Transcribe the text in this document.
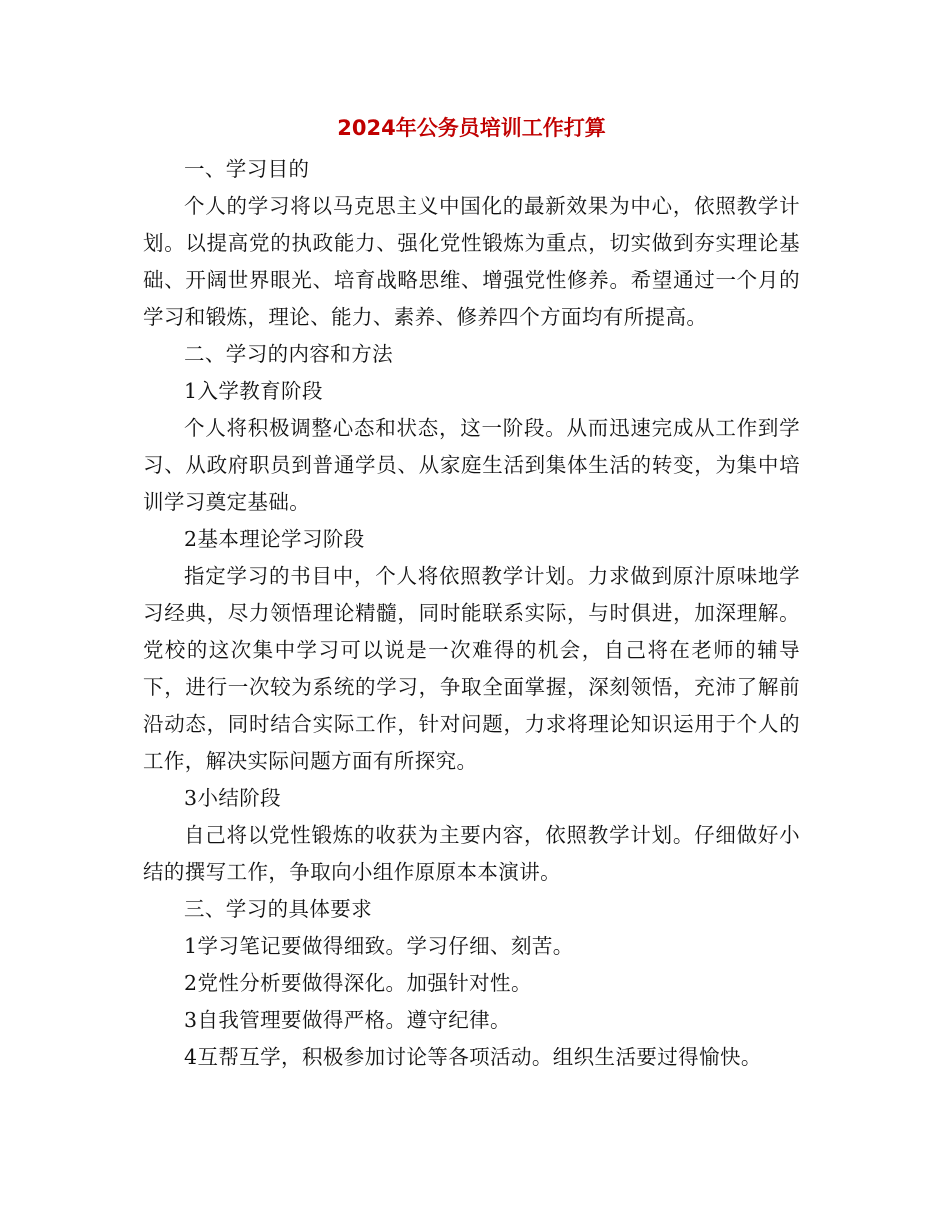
2024年公务员培训工作打算

一、学习目的

个人的学习将以马克思主义中国化的最新效果为中心，依照教学计划。以提高党的执政能力、强化党性锻炼为重点，切实做到夯实理论基础、开阔世界眼光、培育战略思维、增强党性修养。希望通过一个月的学习和锻炼，理论、能力、素养、修养四个方面均有所提高。

二、学习的内容和方法

1入学教育阶段

个人将积极调整心态和状态，这一阶段。从而迅速完成从工作到学习、从政府职员到普通学员、从家庭生活到集体生活的转变，为集中培训学习奠定基础。

2基本理论学习阶段

指定学习的书目中，个人将依照教学计划。力求做到原汁原味地学习经典，尽力领悟理论精髓，同时能联系实际，与时俱进，加深理解。党校的这次集中学习可以说是一次难得的机会，自己将在老师的辅导下，进行一次较为系统的学习，争取全面掌握，深刻领悟，充沛了解前沿动态，同时结合实际工作，针对问题，力求将理论知识运用于个人的工作，解决实际问题方面有所探究。

3小结阶段

自己将以党性锻炼的收获为主要内容，依照教学计划。仔细做好小结的撰写工作，争取向小组作原原本本演讲。

三、学习的具体要求

1学习笔记要做得细致。学习仔细、刻苦。

2党性分析要做得深化。加强针对性。

3自我管理要做得严格。遵守纪律。

4互帮互学，积极参加讨论等各项活动。组织生活要过得愉快。
